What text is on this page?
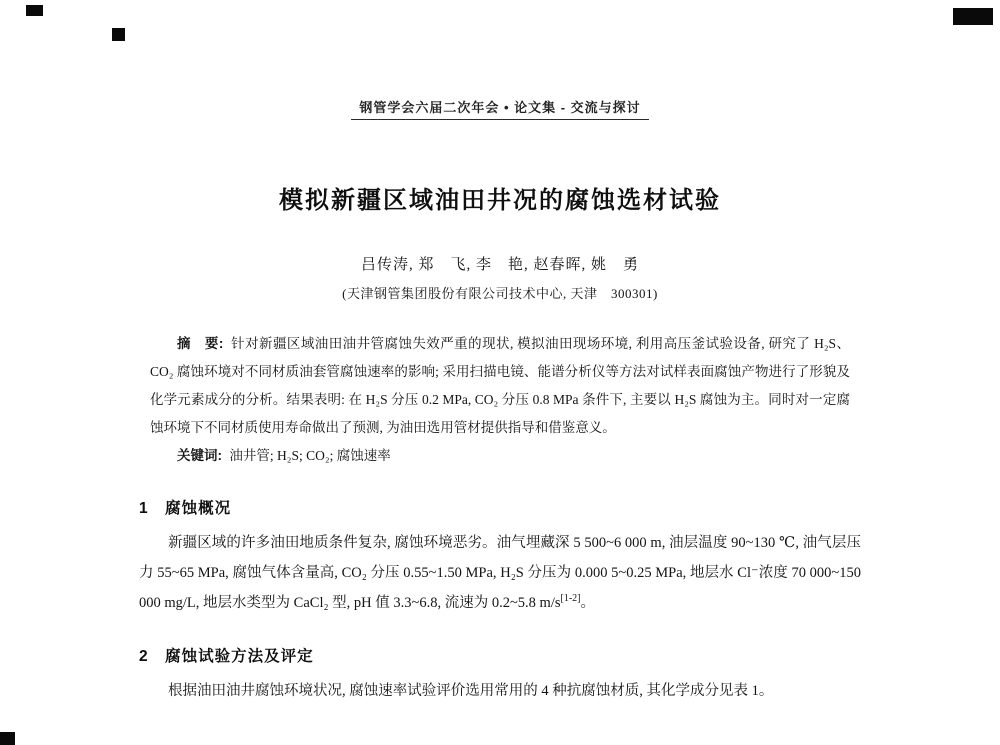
钢管学会六届二次年会 • 论文集 - 交流与探讨
模拟新疆区域油田井况的腐蚀选材试验
吕传涛, 郑　飞, 李　艳, 赵春晖, 姚　勇
(天津钢管集团股份有限公司技术中心, 天津　300301)

摘　要: 针对新疆区域油田油井管腐蚀失效严重的现状, 模拟油田现场环境, 利用高压釜试验设备, 研究了 H₂S、CO₂ 腐蚀环境对不同材质油套管腐蚀速率的影响; 采用扫描电镜、能谱分析仪等方法对试样表面腐蚀产物进行了形貌及化学元素成分的分析。结果表明: 在 H₂S 分压 0.2 MPa, CO₂ 分压 0.8 MPa 条件下, 主要以 H₂S 腐蚀为主。同时对一定腐蚀环境下不同材质使用寿命做出了预测, 为油田选用管材提供指导和借鉴意义。

关键词: 油井管; H₂S; CO₂; 腐蚀速率

1　腐蚀概况

新疆区域的许多油田地质条件复杂, 腐蚀环境恶劣。油气埋藏深 5 500~6 000 m, 油层温度 90~130 ℃, 油气层压力 55~65 MPa, 腐蚀气体含量高, CO₂ 分压 0.55~1.50 MPa, H₂S 分压为 0.000 5~0.25 MPa, 地层水 Cl⁻浓度 70 000~150 000 mg/L, 地层水类型为 CaCl₂ 型, pH 值 3.3~6.8, 流速为 0.2~5.8 m/s[1-2]。

2　腐蚀试验方法及评定

根据油田油井腐蚀环境状况, 腐蚀速率试验评价选用常用的 4 种抗腐蚀材质, 其化学成分见表 1。
